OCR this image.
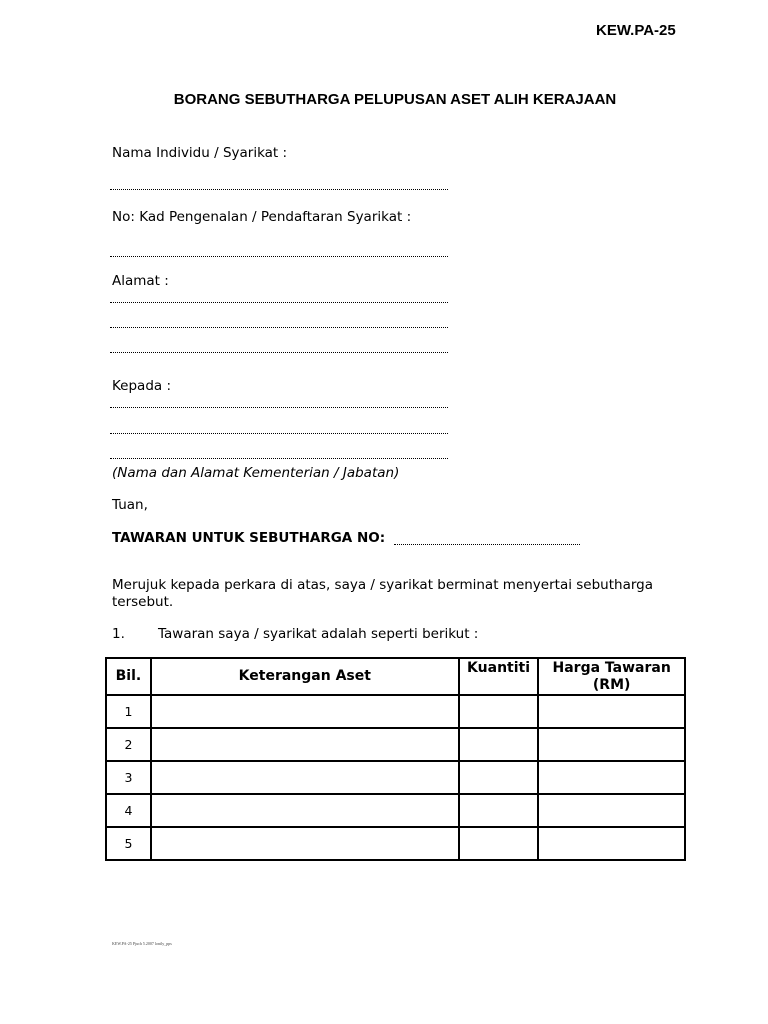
KEW.PA-25
BORANG SEBUTHARGA PELUPUSAN ASET ALIH KERAJAAN
Nama Individu / Syarikat :
No: Kad Pengenalan / Pendaftaran Syarikat :
Alamat :
Kepada :
(Nama dan Alamat Kementerian / Jabatan)
Tuan,
TAWARAN UNTUK SEBUTHARGA NO:
Merujuk kepada perkara di atas, saya / syarikat berminat menyertai sebutharga tersebut.
1. Tawaran saya / syarikat adalah seperti berikut :
Bil.	Keterangan Aset	Kuantiti	Harga Tawaran (RM)
1			
2			
3			
4			
5			
KEW.PA-25 Pjuch 5.2007 lonily_pps
